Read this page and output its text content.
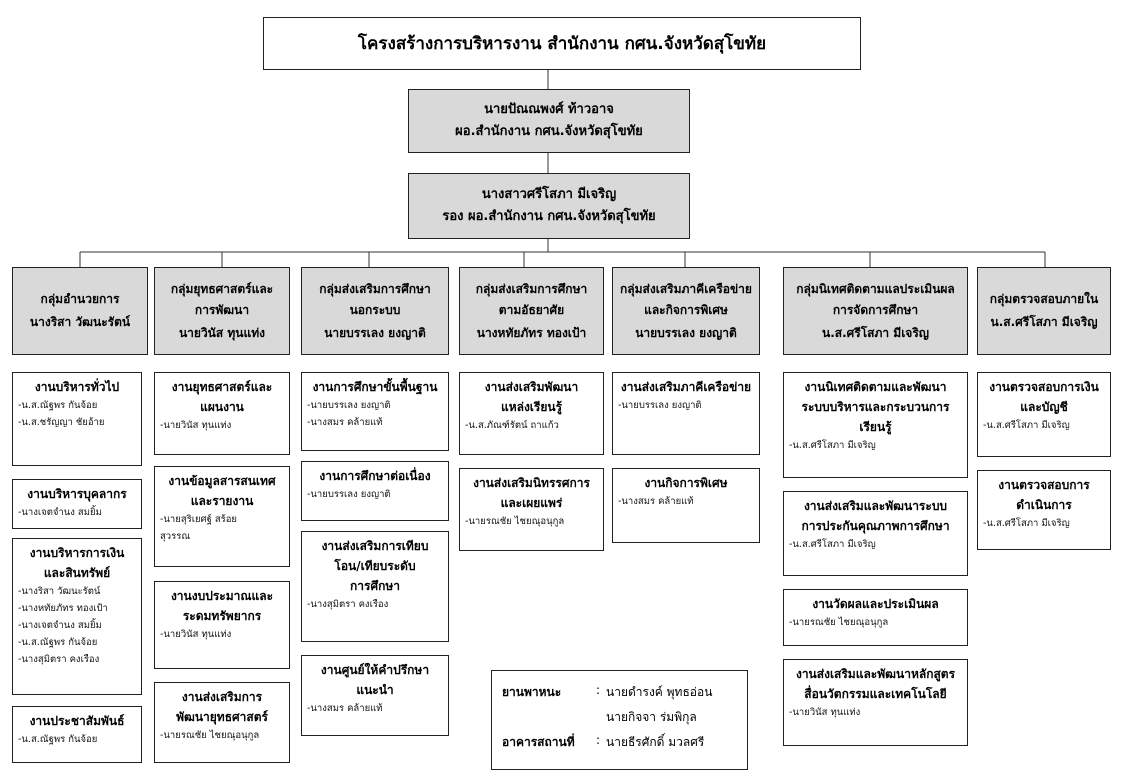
โครงสร้างการบริหารงาน สำนักงาน กศน.จังหวัดสุโขทัย
นายปัณณพงศ์ ท้าวอาจ
ผอ.สำนักงาน กศน.จังหวัดสุโขทัย
นางสาวศรีโสภา มีเจริญ
รอง ผอ.สำนักงาน กศน.จังหวัดสุโขทัย
กลุ่มอำนวยการ
นางริสา วัฒนะรัตน์
งานบริหารทั่วไป
-น.ส.ณัฐพร กันจ้อย
-น.ส.ชรัญญา ชัยอ้าย
งานบริหารบุคลากร
-นางเจตจำนง สมยิ้ม
งานบริหารการเงิน
และสินทรัพย์
-นางริสา วัฒนะรัตน์
-นางหทัยภัทร ทองเป้า
-นางเจตจำนง สมยิ้ม
-น.ส.ณัฐพร กันจ้อย
-นางสุมิตรา คงเรือง
งานประชาสัมพันธ์
-น.ส.ณัฐพร กันจ้อย
กลุ่มยุทธศาสตร์และ
การพัฒนา
นายวินัส ทุนแท่ง
งานยุทธศาสตร์และ
แผนงาน
-นายวินัส ทุนแท่ง
งานข้อมูลสารสนเทศ
และรายงาน
-นายสุริเยศฐ์ สร้อย
สุวรรณ
งานงบประมาณและ
ระดมทรัพยากร
-นายวินัส ทุนแท่ง
งานส่งเสริมการ
พัฒนายุทธศาสตร์
-นายรณชัย ไชยณุอนุกูล
กลุ่มส่งเสริมการศึกษา
นอกระบบ
นายบรรเลง ยงญาติ
งานการศึกษาขั้นพื้นฐาน
-นายบรรเลง ยงญาติ
-นางสมร คล้ายแท้
งานการศึกษาต่อเนื่อง
-นายบรรเลง ยงญาติ
งานส่งเสริมการเทียบ
โอน/เทียบระดับ
การศึกษา
-นางสุมิตรา คงเรือง
งานศูนย์ให้คำปรึกษา
แนะนำ
-นางสมร คล้ายแท้
กลุ่มส่งเสริมการศึกษา
ตามอัธยาศัย
นางหทัยภัทร ทองเป้า
งานส่งเสริมพัฒนา
แหล่งเรียนรู้
-น.ส.ภัณฑ์รัตน์ ถาแก้ว
งานส่งเสริมนิทรรศการ
และเผยแพร่
-นายรณชัย ไชยณุอนุกูล
กลุ่มส่งเสริมภาคีเครือข่าย
และกิจการพิเศษ
นายบรรเลง ยงญาติ
งานส่งเสริมภาคีเครือข่าย
-นายบรรเลง ยงญาติ
งานกิจการพิเศษ
-นางสมร คล้ายแท้
กลุ่มนิเทศติดตามแลประเมินผล
การจัดการศึกษา
น.ส.ศรีโสภา มีเจริญ
งานนิเทศติดตามและพัฒนา
ระบบบริหารและกระบวนการ
เรียนรู้
-น.ส.ศรีโสภา มีเจริญ
งานส่งเสริมและพัฒนาระบบ
การประกันคุณภาพการศึกษา
-น.ส.ศรีโสภา มีเจริญ
งานวัดผลและประเมินผล
-นายรณชัย ไชยณุอนุกูล
งานส่งเสริมและพัฒนาหลักสูตร
สื่อนวัตกรรมและเทคโนโลยี
-นายวินัส ทุนแท่ง
กลุ่มตรวจสอบภายใน
น.ส.ศรีโสภา มีเจริญ
งานตรวจสอบการเงิน
และบัญชี
-น.ส.ศรีโสภา มีเจริญ
งานตรวจสอบการ
ดำเนินการ
-น.ส.ศรีโสภา มีเจริญ
ยานพาหนะ	: นายดำรงค์ พุทธอ่อน
นายกิจจา ร่มพิกุล
อาคารสถานที่ : นายธีรศักดิ์ มวลศรี
